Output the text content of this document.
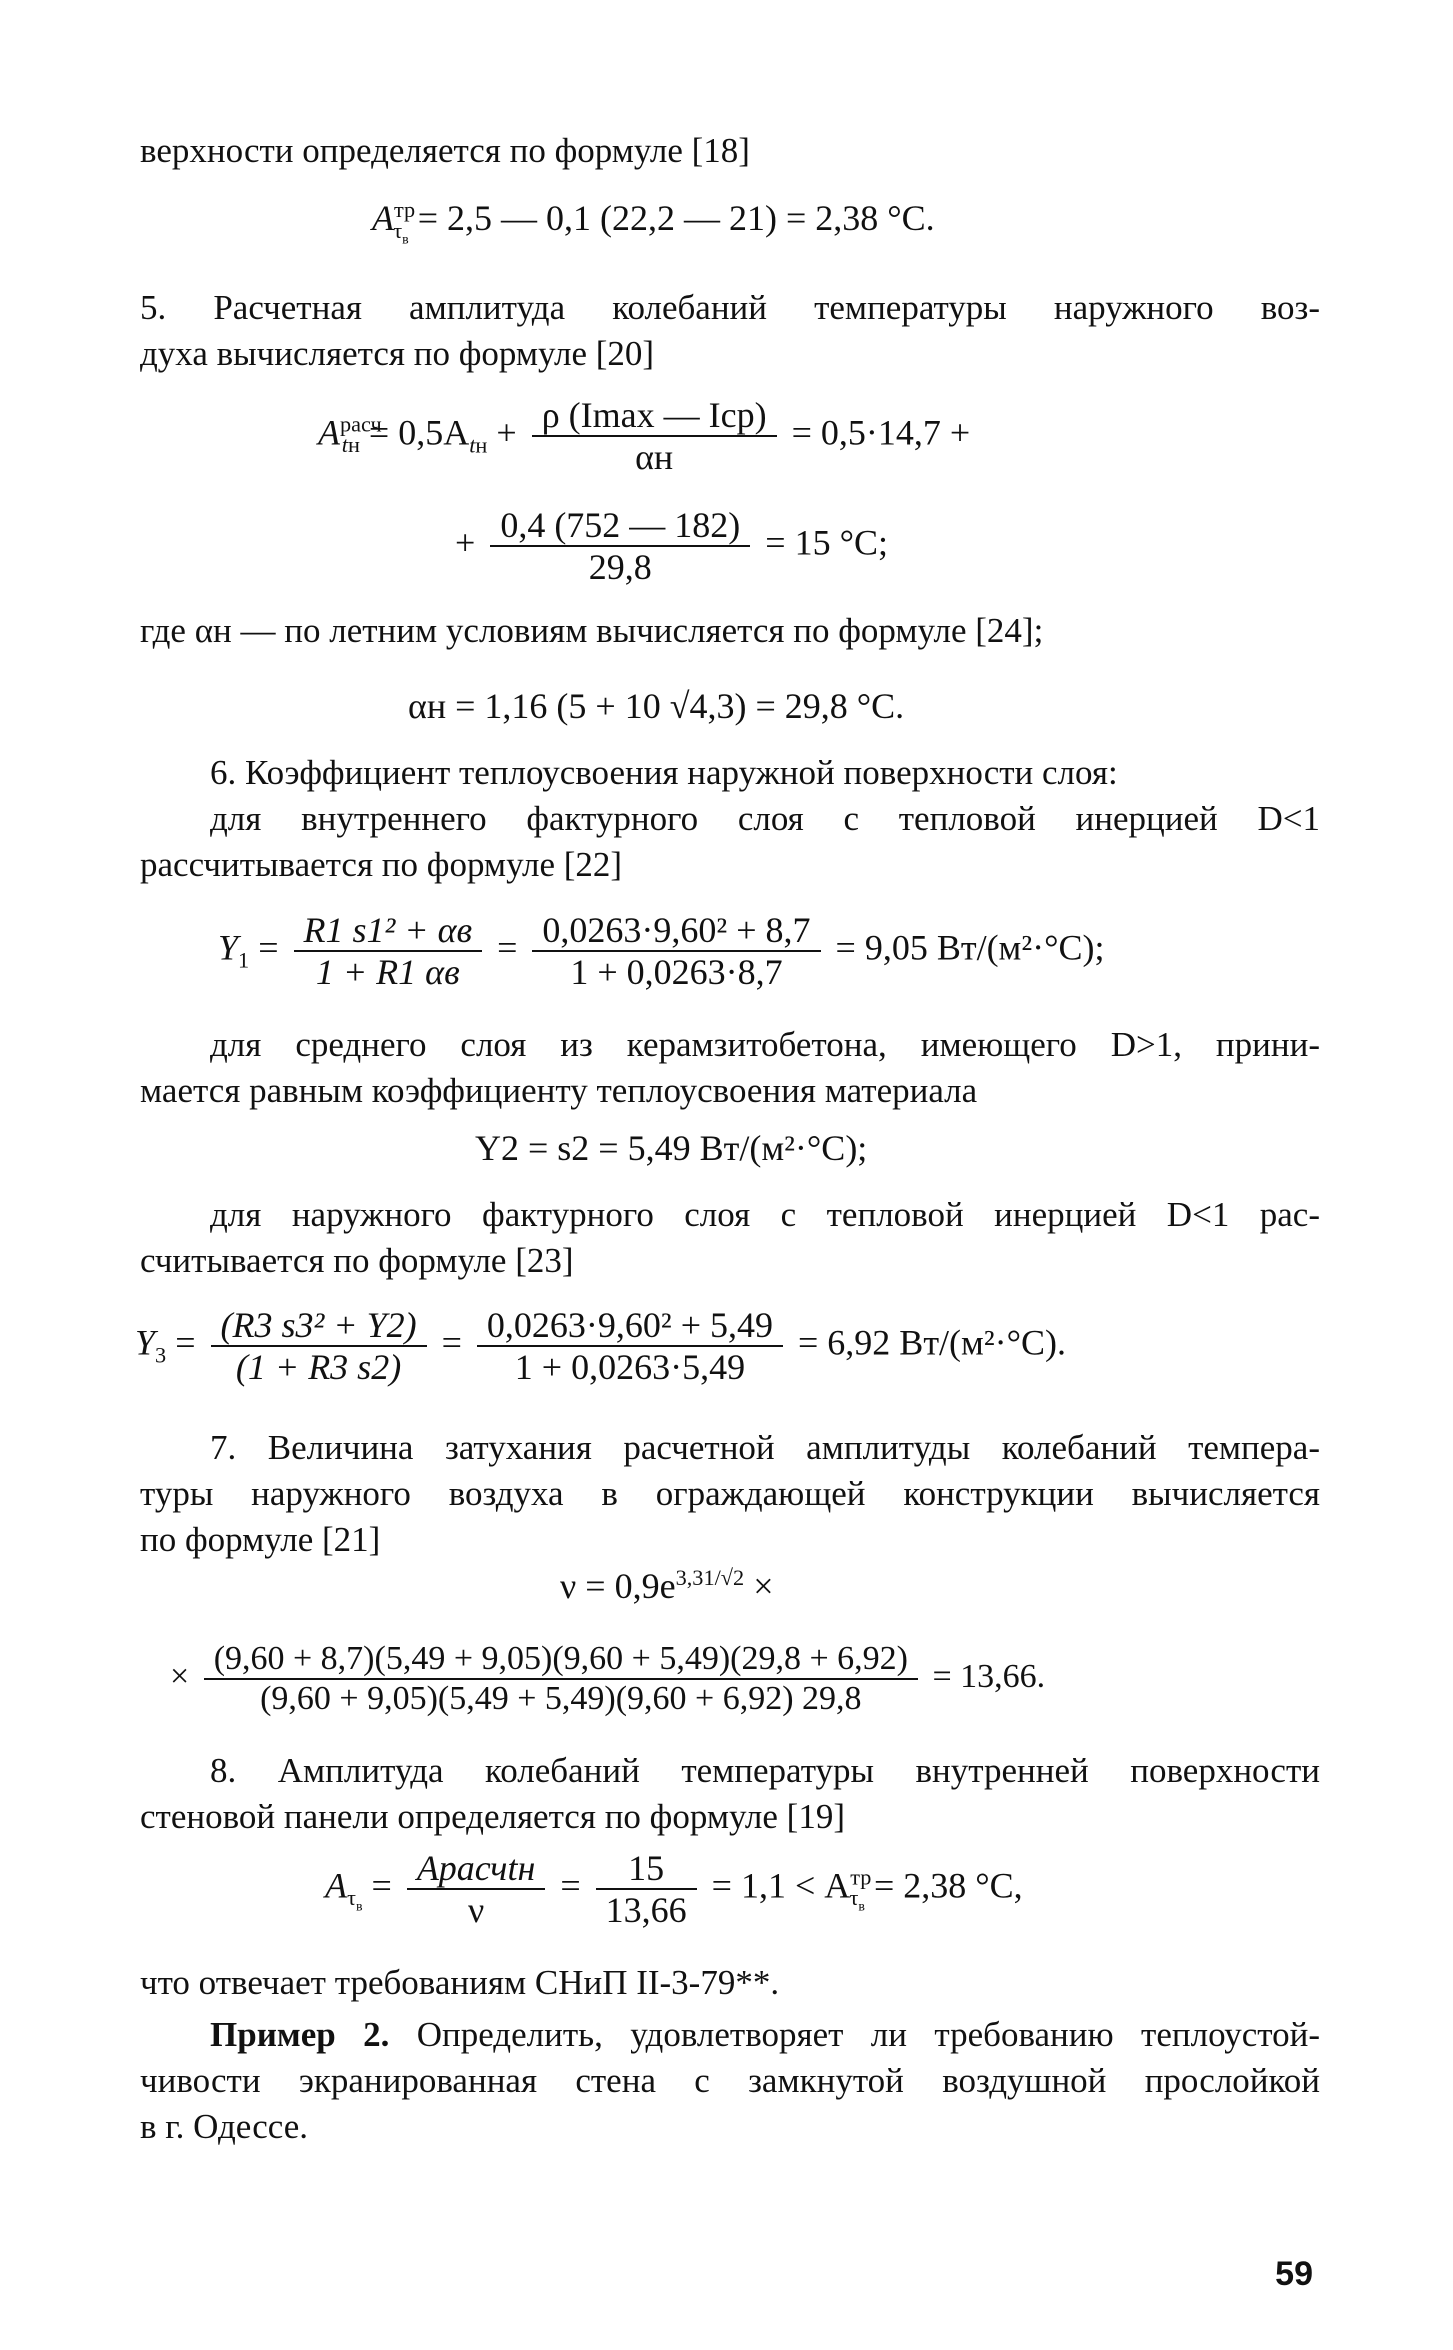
верхности определяется по формуле [18]
$A^{тр}_{\tau_в} = 2,5$ — 0,1 (22,2 — 21) = 2,38 °С.
5. Расчетная амплитуда колебаний температуры наружного воз-
духа вычисляется по формуле [20]
$A^{расч}_{tн} = 0,5A_{tн} + \frac{\text{ρ (Imax — Iср)}}{\alpha н} = 0,5\cdot 14,7$ +
+ $\frac{0,4 (752 — 182)}{29,8} = 15$ °С;
где αн — по летним условиям вычисляется по формуле [24];
αн = 1,16 (5 + 10 √4,3) = 29,8 °С.
6. Коэффициент теплоусвоения наружной поверхности слоя:
для внутреннего фактурного слоя с тепловой инерцией D<1
рассчитывается по формуле [22]
$Y_1 = \frac{\text{R1 s1² + αв}}{1 + R1 \alpha в} = \frac{\text{0,0263·9,60² + 8,7}}{1 + 0,0263\cdot 8,7} = 9,05$ Вт/(м²·°С);
для среднего слоя из керамзитобетона, имеющего D>1, прини-
мается равным коэффициенту теплоусвоения материала
Y2 = s2 = 5,49 Вт/(м²·°С);
для наружного фактурного слоя с тепловой инерцией D<1 рас-
считывается по формуле [23]
$Y_3 = \frac{\text{(R3 s3² + Y2)}}{(1 + R3 s2)} = \frac{\text{0,0263·9,60² + 5,49}}{1 + 0,0263\cdot 5,49} = 6,92$ Вт/(м²·°С).
7. Величина затухания расчетной амплитуды колебаний темпера-
туры наружного воздуха в ограждающей конструкции вычисляется
по формуле [21]
$\nu = 0,9e^{3,31/√2}$ ×
× $\frac{(9,60 + 8,7)(5,49 + 9,05)(9,60 + 5,49)(29,8 + 6,92)}{(9,60 + 9,05)(5,49 + 5,49)(9,60 + 6,92) 29,8} = 13,66$.
8. Амплитуда колебаний температуры внутренней поверхности
стеновой панели определяется по формуле [19]
$A_{\tau_в} = \frac{\text{Aрасчtн}}{\nu} = \frac{15}{13,66} = 1,1 < A^{тр}_{\tau_в} = 2,38$ °С,
что отвечает требованиям СНиП II-3-79**.
Пример 2. Определить, удовлетворяет ли требованию теплоустой-
чивости экранированная стена с замкнутой воздушной прослойкой
в г. Одессе.
59
